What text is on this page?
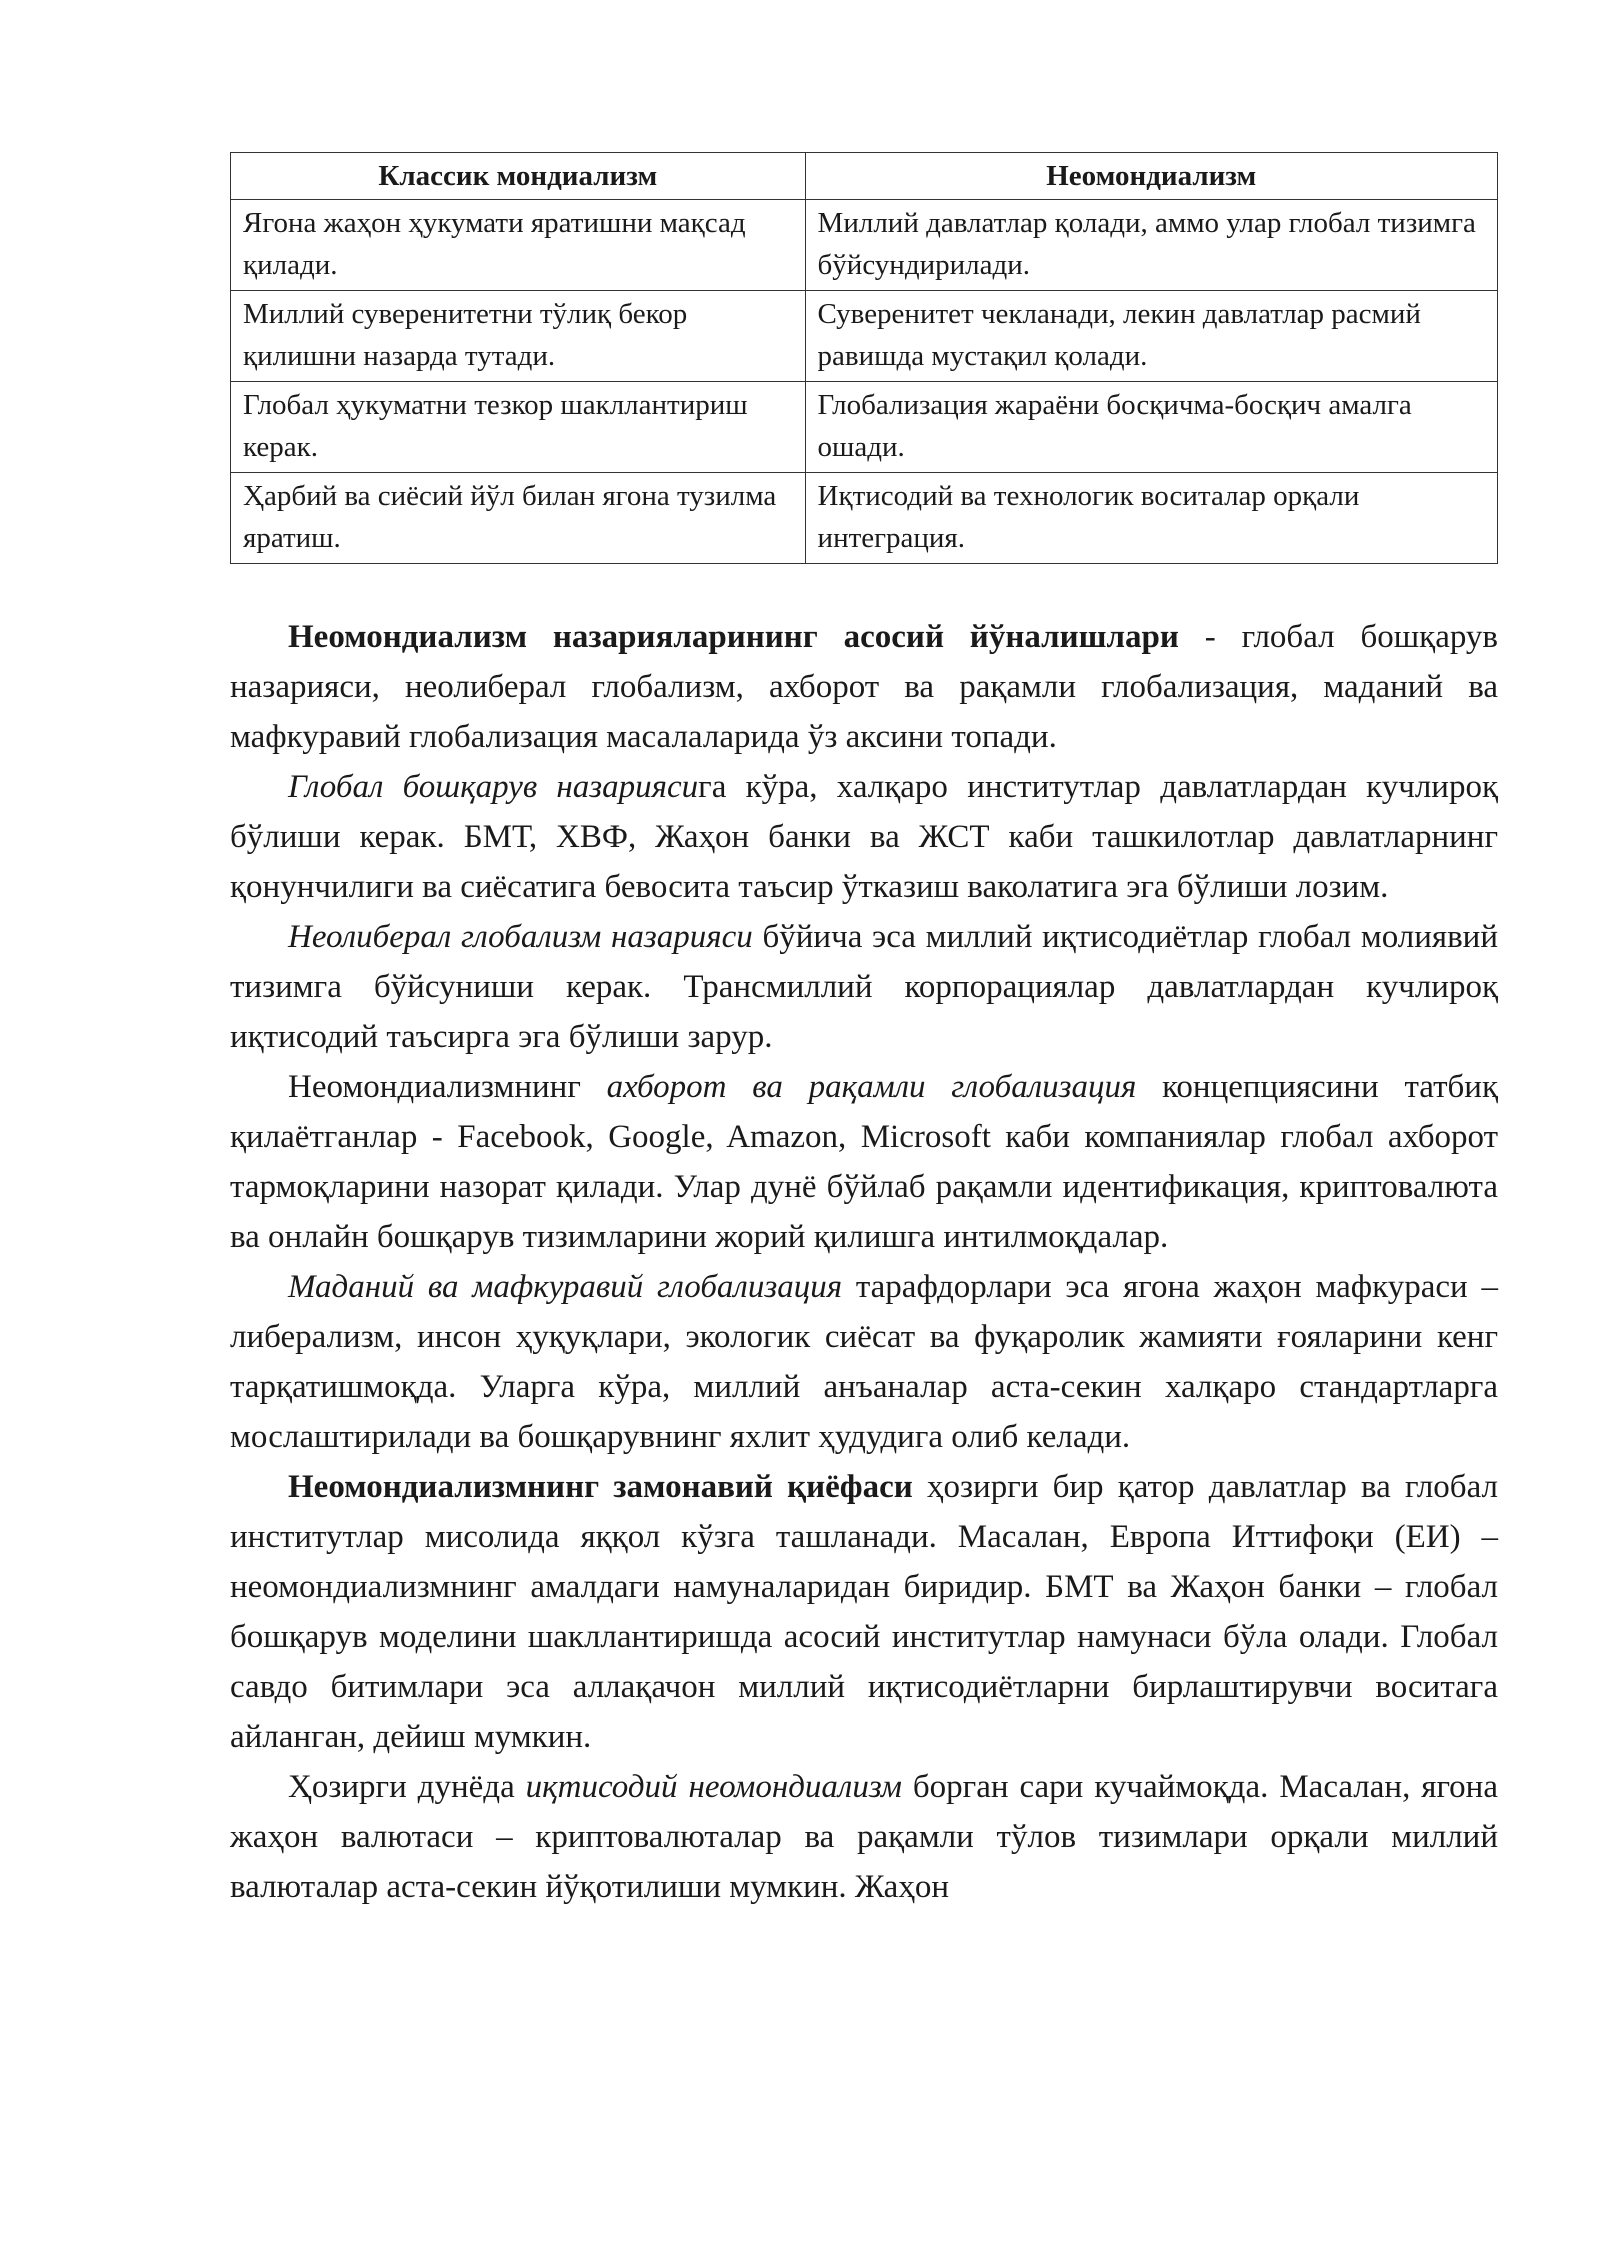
Классик мондиализм	Неомондиализм
Ягона жаҳон ҳукумати яратишни мақсад қилади.	Миллий давлатлар қолади, аммо улар глобал тизимга бўйсундирилади.
Миллий суверенитетни тўлиқ бекор қилишни назарда тутади.	Суверенитет чекланади, лекин давлатлар расмий равишда мустақил қолади.
Глобал ҳукуматни тезкор шакллантириш керак.	Глобализация жараёни босқичма-босқич амалга ошади.
Ҳарбий ва сиёсий йўл билан ягона тузилма яратиш.	Иқтисодий ва технологик воситалар орқали интеграция.

Неомондиализм назарияларининг асосий йўналишлари - глобал бошқарув назарияси, неолиберал глобализм, ахборот ва рақамли глобализация, маданий ва мафкуравий глобализация масалаларида ўз аксини топади.

Глобал бошқарув назариясига кўра, халқаро институтлар давлатлардан кучлироқ бўлиши керак. БМТ, ХВФ, Жаҳон банки ва ЖСТ каби ташкилотлар давлатларнинг қонунчилиги ва сиёсатига бевосита таъсир ўтказиш ваколатига эга бўлиши лозим.

Неолиберал глобализм назарияси бўйича эса миллий иқтисодиётлар глобал молиявий тизимга бўйсуниши керак. Трансмиллий корпорациялар давлатлардан кучлироқ иқтисодий таъсирга эга бўлиши зарур.

Неомондиализмнинг ахборот ва рақамли глобализация концепциясини татбиқ қилаётганлар - Facebook, Google, Amazon, Microsoft каби компаниялар глобал ахборот тармоқларини назорат қилади. Улар дунё бўйлаб рақамли идентификация, криптовалюта ва онлайн бошқарув тизимларини жорий қилишга интилмоқдалар.

Маданий ва мафкуравий глобализация тарафдорлари эса ягона жаҳон мафкураси – либерализм, инсон ҳуқуқлари, экологик сиёсат ва фуқаролик жамияти ғояларини кенг тарқатишмоқда. Уларга кўра, миллий анъаналар аста-секин халқаро стандартларга мослаштирилади ва бошқарувнинг яхлит ҳудудига олиб келади.

Неомондиализмнинг замонавий қиёфаси ҳозирги бир қатор давлатлар ва глобал институтлар мисолида яққол кўзга ташланади. Масалан, Европа Иттифоқи (ЕИ) – неомондиализмнинг амалдаги намуналаридан биридир. БМТ ва Жаҳон банки – глобал бошқарув моделини шакллантиришда асосий институтлар намунаси бўла олади. Глобал савдо битимлари эса аллақачон миллий иқтисодиётларни бирлаштирувчи воситага айланган, дейиш мумкин.

Ҳозирги дунёда иқтисодий неомондиализм борган сари кучаймоқда. Масалан, ягона жаҳон валютаси – криптовалюталар ва рақамли тўлов тизимлари орқали миллий валюталар аста-секин йўқотилиши мумкин. Жаҳон
